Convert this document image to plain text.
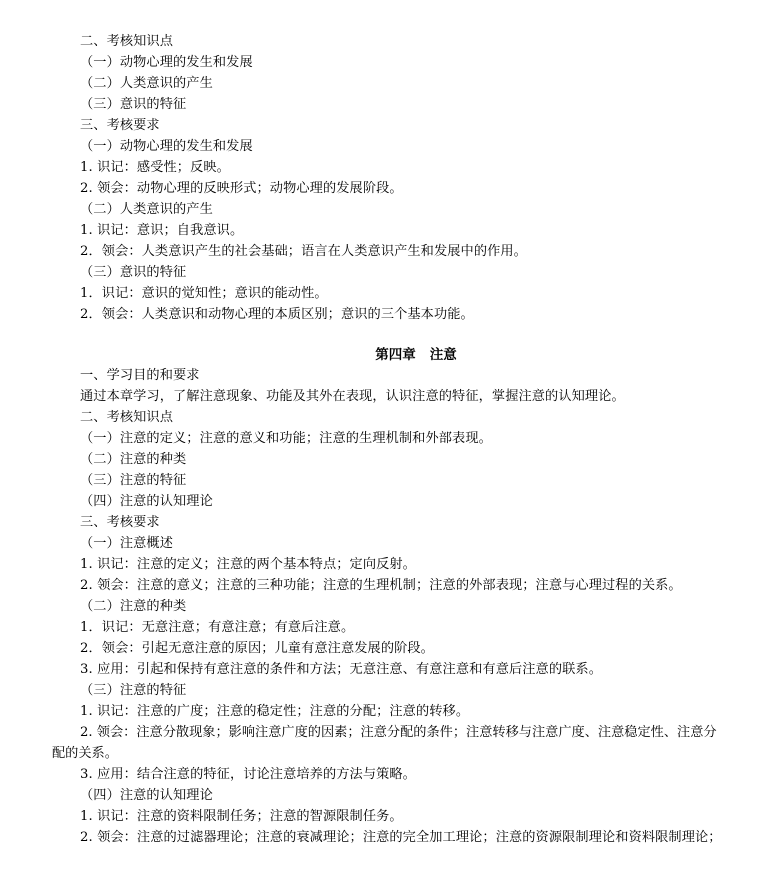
二、考核知识点
（一）动物心理的发生和发展
（二）人类意识的产生
（三）意识的特征
三、考核要求
（一）动物心理的发生和发展
1. 识记：感受性；反映。
2. 领会：动物心理的反映形式；动物心理的发展阶段。
（二）人类意识的产生
1. 识记：意识；自我意识。
2．领会：人类意识产生的社会基础；语言在人类意识产生和发展中的作用。
（三）意识的特征
1．识记：意识的觉知性；意识的能动性。
2．领会：人类意识和动物心理的本质区别；意识的三个基本功能。
第四章 注意
一、学习目的和要求
通过本章学习，了解注意现象、功能及其外在表现，认识注意的特征，掌握注意的认知理论。
二、考核知识点
（一）注意的定义；注意的意义和功能；注意的生理机制和外部表现。
（二）注意的种类
（三）注意的特征
（四）注意的认知理论
三、考核要求
（一）注意概述
1. 识记：注意的定义；注意的两个基本特点；定向反射。
2. 领会：注意的意义；注意的三种功能；注意的生理机制；注意的外部表现；注意与心理过程的关系。
（二）注意的种类
1．识记：无意注意；有意注意；有意后注意。
2．领会：引起无意注意的原因；儿童有意注意发展的阶段。
3. 应用：引起和保持有意注意的条件和方法；无意注意、有意注意和有意后注意的联系。
（三）注意的特征
1. 识记：注意的广度；注意的稳定性；注意的分配；注意的转移。
2. 领会：注意分散现象；影响注意广度的因素；注意分配的条件；注意转移与注意广度、注意稳定性、注意分
配的关系。
3. 应用：结合注意的特征，讨论注意培养的方法与策略。
（四）注意的认知理论
1. 识记：注意的资料限制任务；注意的智源限制任务。
2. 领会：注意的过滤器理论；注意的衰减理论；注意的完全加工理论；注意的资源限制理论和资料限制理论；
